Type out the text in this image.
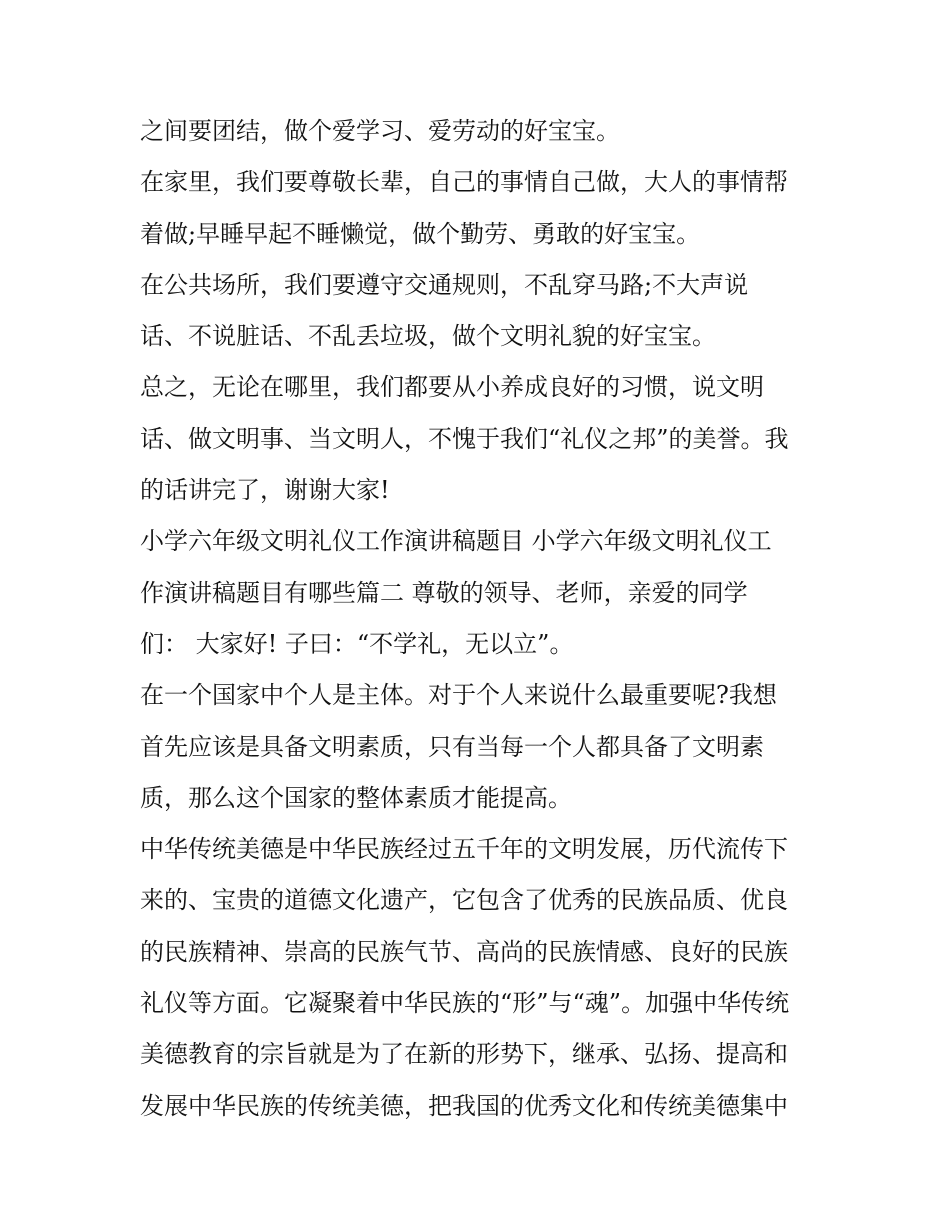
之间要团结，做个爱学习、爱劳动的好宝宝。
在家里，我们要尊敬长辈，自己的事情自己做，大人的事情帮
着做;早睡早起不睡懒觉，做个勤劳、勇敢的好宝宝。
在公共场所，我们要遵守交通规则，不乱穿马路;不大声说
话、不说脏话、不乱丢垃圾，做个文明礼貌的好宝宝。
总之，无论在哪里，我们都要从小养成良好的习惯，说文明
话、做文明事、当文明人，不愧于我们“礼仪之邦”的美誉。我
的话讲完了，谢谢大家!
小学六年级文明礼仪工作演讲稿题目 小学六年级文明礼仪工
作演讲稿题目有哪些篇二 尊敬的领导、老师，亲爱的同学
们： 大家好! 子曰：“不学礼，无以立”。
在一个国家中个人是主体。对于个人来说什么最重要呢?我想
首先应该是具备文明素质，只有当每一个人都具备了文明素
质，那么这个国家的整体素质才能提高。
中华传统美德是中华民族经过五千年的文明发展，历代流传下
来的、宝贵的道德文化遗产，它包含了优秀的民族品质、优良
的民族精神、崇高的民族气节、高尚的民族情感、良好的民族
礼仪等方面。它凝聚着中华民族的“形”与“魂”。加强中华传统
美德教育的宗旨就是为了在新的形势下，继承、弘扬、提高和
发展中华民族的传统美德，把我国的优秀文化和传统美德集中
